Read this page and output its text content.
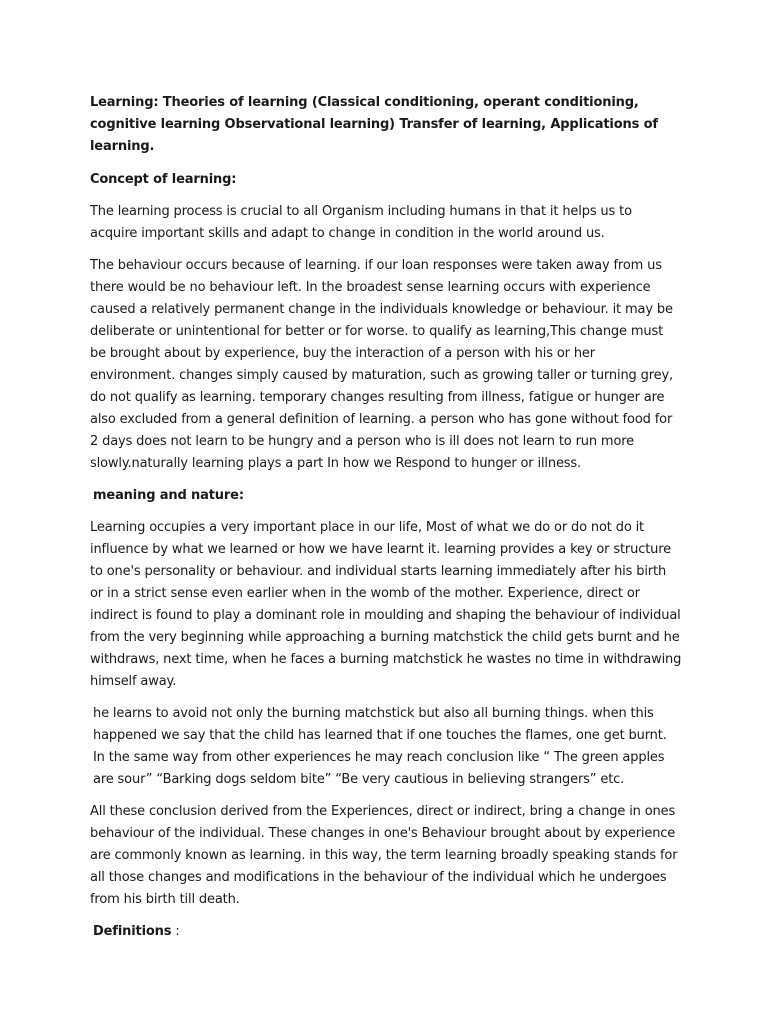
Learning: Theories of learning (Classical conditioning, operant conditioning, cognitive learning Observational learning) Transfer of learning, Applications of learning.

Concept of learning:

The learning process is crucial to all Organism including humans in that it helps us to acquire important skills and adapt to change in condition in the world around us.

The behaviour occurs because of learning. if our loan responses were taken away from us there would be no behaviour left. In the broadest sense learning occurs with experience caused a relatively permanent change in the individuals knowledge or behaviour. it may be deliberate or unintentional for better or for worse. to qualify as learning,This change must be brought about by experience, buy the interaction of a person with his or her environment. changes simply caused by maturation, such as growing taller or turning grey, do not qualify as learning. temporary changes resulting from illness, fatigue or hunger are also excluded from a general definition of learning. a person who has gone without food for 2 days does not learn to be hungry and a person who is ill does not learn to run more slowly.naturally learning plays a part In how we Respond to hunger or illness.

meaning and nature:

Learning occupies a very important place in our life, Most of what we do or do not do it influence by what we learned or how we have learnt it. learning provides a key or structure to one's personality or behaviour. and individual starts learning immediately after his birth or in a strict sense even earlier when in the womb of the mother. Experience, direct or indirect is found to play a dominant role in moulding and shaping the behaviour of individual from the very beginning while approaching a burning matchstick the child gets burnt and he withdraws, next time, when he faces a burning matchstick he wastes no time in withdrawing himself away.

he learns to avoid not only the burning matchstick but also all burning things. when this happened we say that the child has learned that if one touches the flames, one get burnt. In the same way from other experiences he may reach conclusion like “ The green apples are sour” “Barking dogs seldom bite” “Be very cautious in believing strangers” etc.

All these conclusion derived from the Experiences, direct or indirect, bring a change in ones behaviour of the individual. These changes in one's Behaviour brought about by experience are commonly known as learning. in this way, the term learning broadly speaking stands for all those changes and modifications in the behaviour of the individual which he undergoes from his birth till death.

Definitions :
